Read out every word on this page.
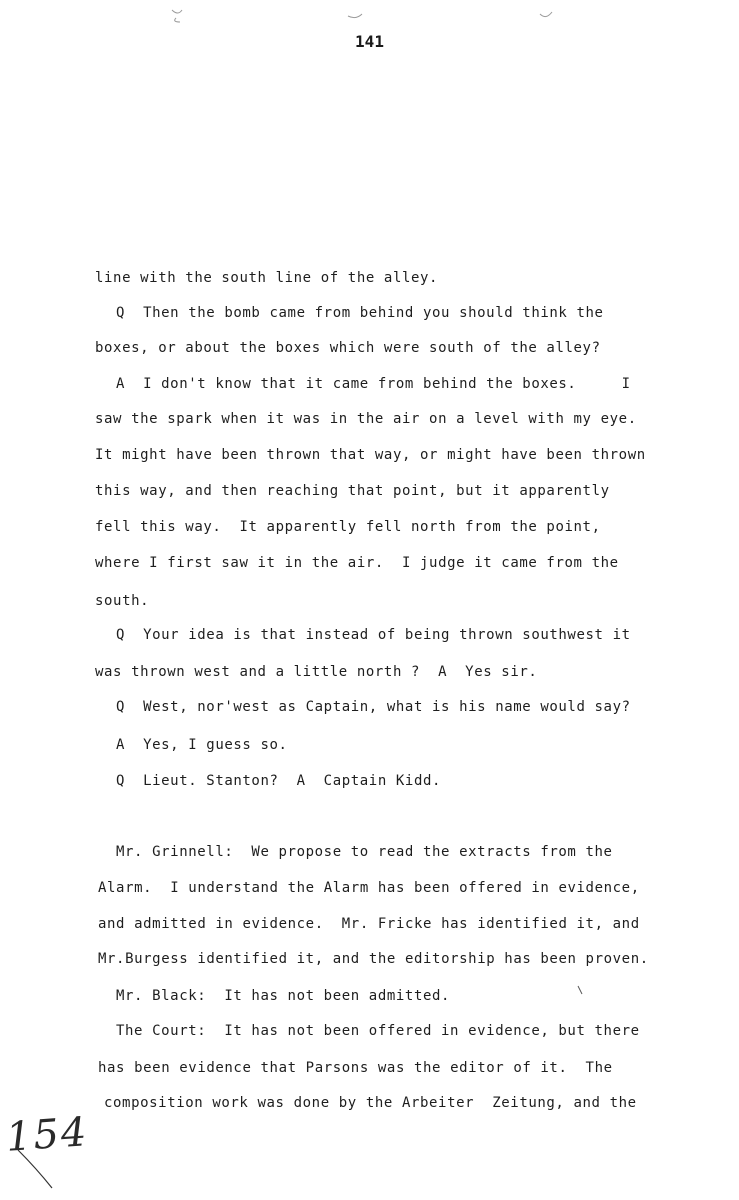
141
line with the south line of the alley.
Q  Then the bomb came from behind you should think the
boxes, or about the boxes which were south of the alley?
A  I don't know that it came from behind the boxes.     I
saw the spark when it was in the air on a level with my eye.
It might have been thrown that way, or might have been thrown
this way, and then reaching that point, but it apparently
fell this way.  It apparently fell north from the point,
where I first saw it in the air.  I judge it came from the
south.
Q  Your idea is that instead of being thrown southwest it
was thrown west and a little north ?  A  Yes sir.
Q  West, nor'west as Captain, what is his name would say?
A  Yes, I guess so.
Q  Lieut. Stanton?  A  Captain Kidd.
Mr. Grinnell:  We propose to read the extracts from the
Alarm.  I understand the Alarm has been offered in evidence,
and admitted in evidence.  Mr. Fricke has identified it, and
Mr.Burgess identified it, and the editorship has been proven.
Mr. Black:  It has not been admitted.
The Court:  It has not been offered in evidence, but there
has been evidence that Parsons was the editor of it.  The
composition work was done by the Arbeiter  Zeitung, and the
154
